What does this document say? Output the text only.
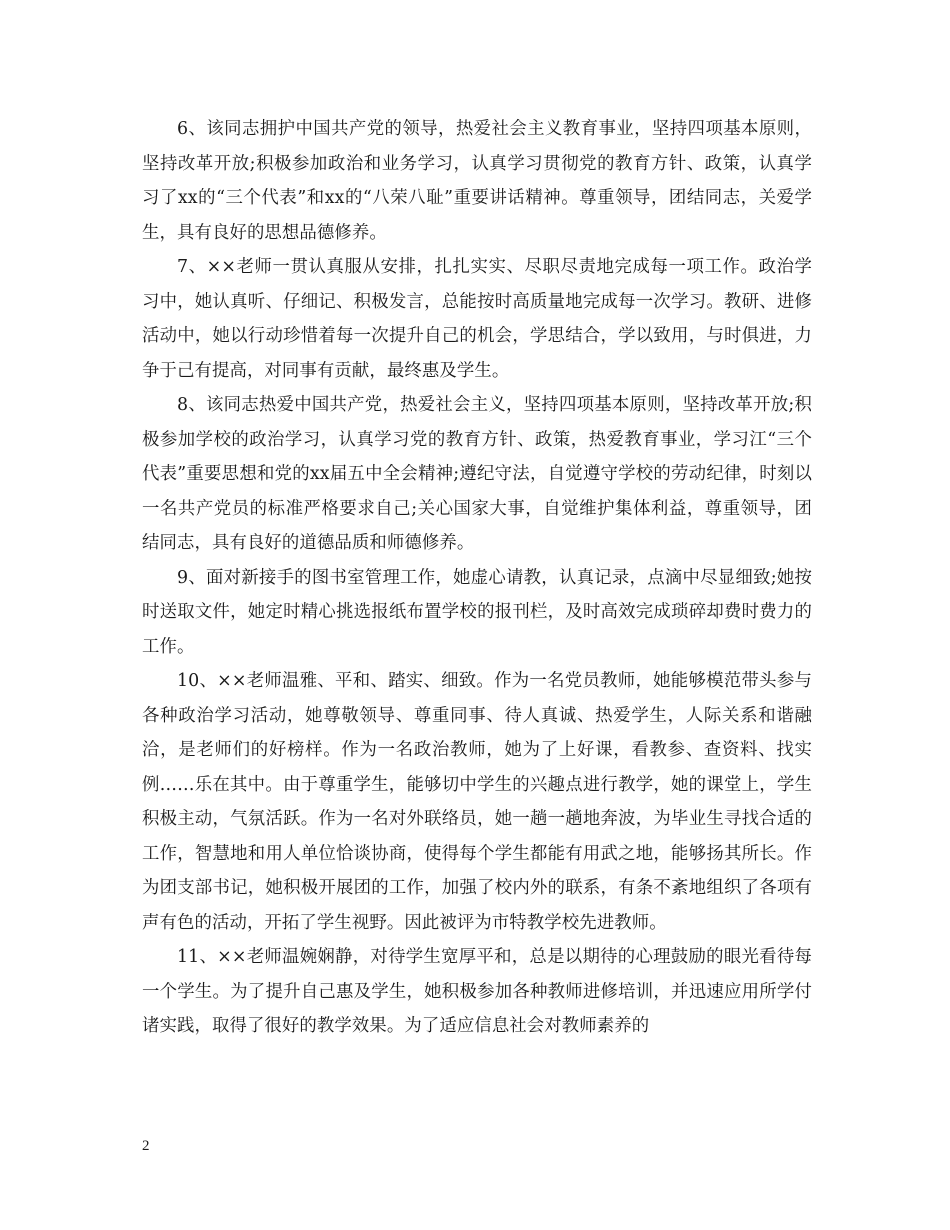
6、该同志拥护中国共产党的领导，热爱社会主义教育事业，坚持四项基本原则，坚持改革开放;积极参加政治和业务学习，认真学习贯彻党的教育方针、政策，认真学习了xx的“三个代表”和xx的“八荣八耻”重要讲话精神。尊重领导，团结同志，关爱学生，具有良好的思想品德修养。

7、××老师一贯认真服从安排，扎扎实实、尽职尽责地完成每一项工作。政治学习中，她认真听、仔细记、积极发言，总能按时高质量地完成每一次学习。教研、进修活动中，她以行动珍惜着每一次提升自己的机会，学思结合，学以致用，与时俱进，力争于己有提高，对同事有贡献，最终惠及学生。

8、该同志热爱中国共产党，热爱社会主义，坚持四项基本原则，坚持改革开放;积极参加学校的政治学习，认真学习党的教育方针、政策，热爱教育事业，学习江“三个代表”重要思想和党的xx届五中全会精神;遵纪守法，自觉遵守学校的劳动纪律，时刻以一名共产党员的标准严格要求自己;关心国家大事，自觉维护集体利益，尊重领导，团结同志，具有良好的道德品质和师德修养。

9、面对新接手的图书室管理工作，她虚心请教，认真记录，点滴中尽显细致;她按时送取文件，她定时精心挑选报纸布置学校的报刊栏，及时高效完成琐碎却费时费力的工作。

10、××老师温雅、平和、踏实、细致。作为一名党员教师，她能够模范带头参与各种政治学习活动，她尊敬领导、尊重同事、待人真诚、热爱学生，人际关系和谐融洽，是老师们的好榜样。作为一名政治教师，她为了上好课，看教参、查资料、找实例……乐在其中。由于尊重学生，能够切中学生的兴趣点进行教学，她的课堂上，学生积极主动，气氛活跃。作为一名对外联络员，她一趟一趟地奔波，为毕业生寻找合适的工作，智慧地和用人单位恰谈协商，使得每个学生都能有用武之地，能够扬其所长。作为团支部书记，她积极开展团的工作，加强了校内外的联系，有条不紊地组织了各项有声有色的活动，开拓了学生视野。因此被评为市特教学校先进教师。

11、××老师温婉娴静，对待学生宽厚平和，总是以期待的心理鼓励的眼光看待每一个学生。为了提升自己惠及学生，她积极参加各种教师进修培训，并迅速应用所学付诸实践，取得了很好的教学效果。为了适应信息社会对教师素养的

2
